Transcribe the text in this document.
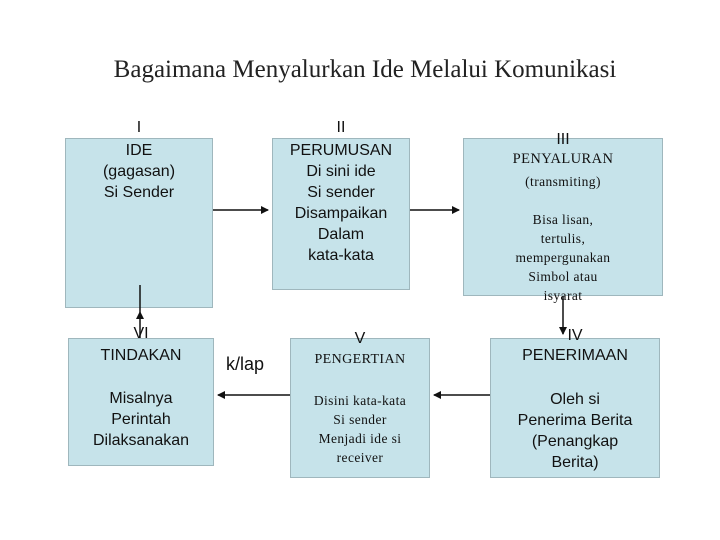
Bagaimana Menyalurkan Ide Melalui Komunikasi
I
IDE
(gagasan)
Si Sender
II
PERUMUSAN
Di sini ide
Si sender
Disampaikan
Dalam
kata-kata
III
PENYALURAN
(transmiting)
Bisa lisan,
tertulis,
mempergunakan
Simbol atau
isyarat
IV
PENERIMAAN
Oleh si
Penerima Berita
(Penangkap
Berita)
V
PENGERTIAN
Disini kata-kata
Si sender
Menjadi ide si
receiver
VI
TINDAKAN
Misalnya
Perintah
Dilaksanakan
k/lap
